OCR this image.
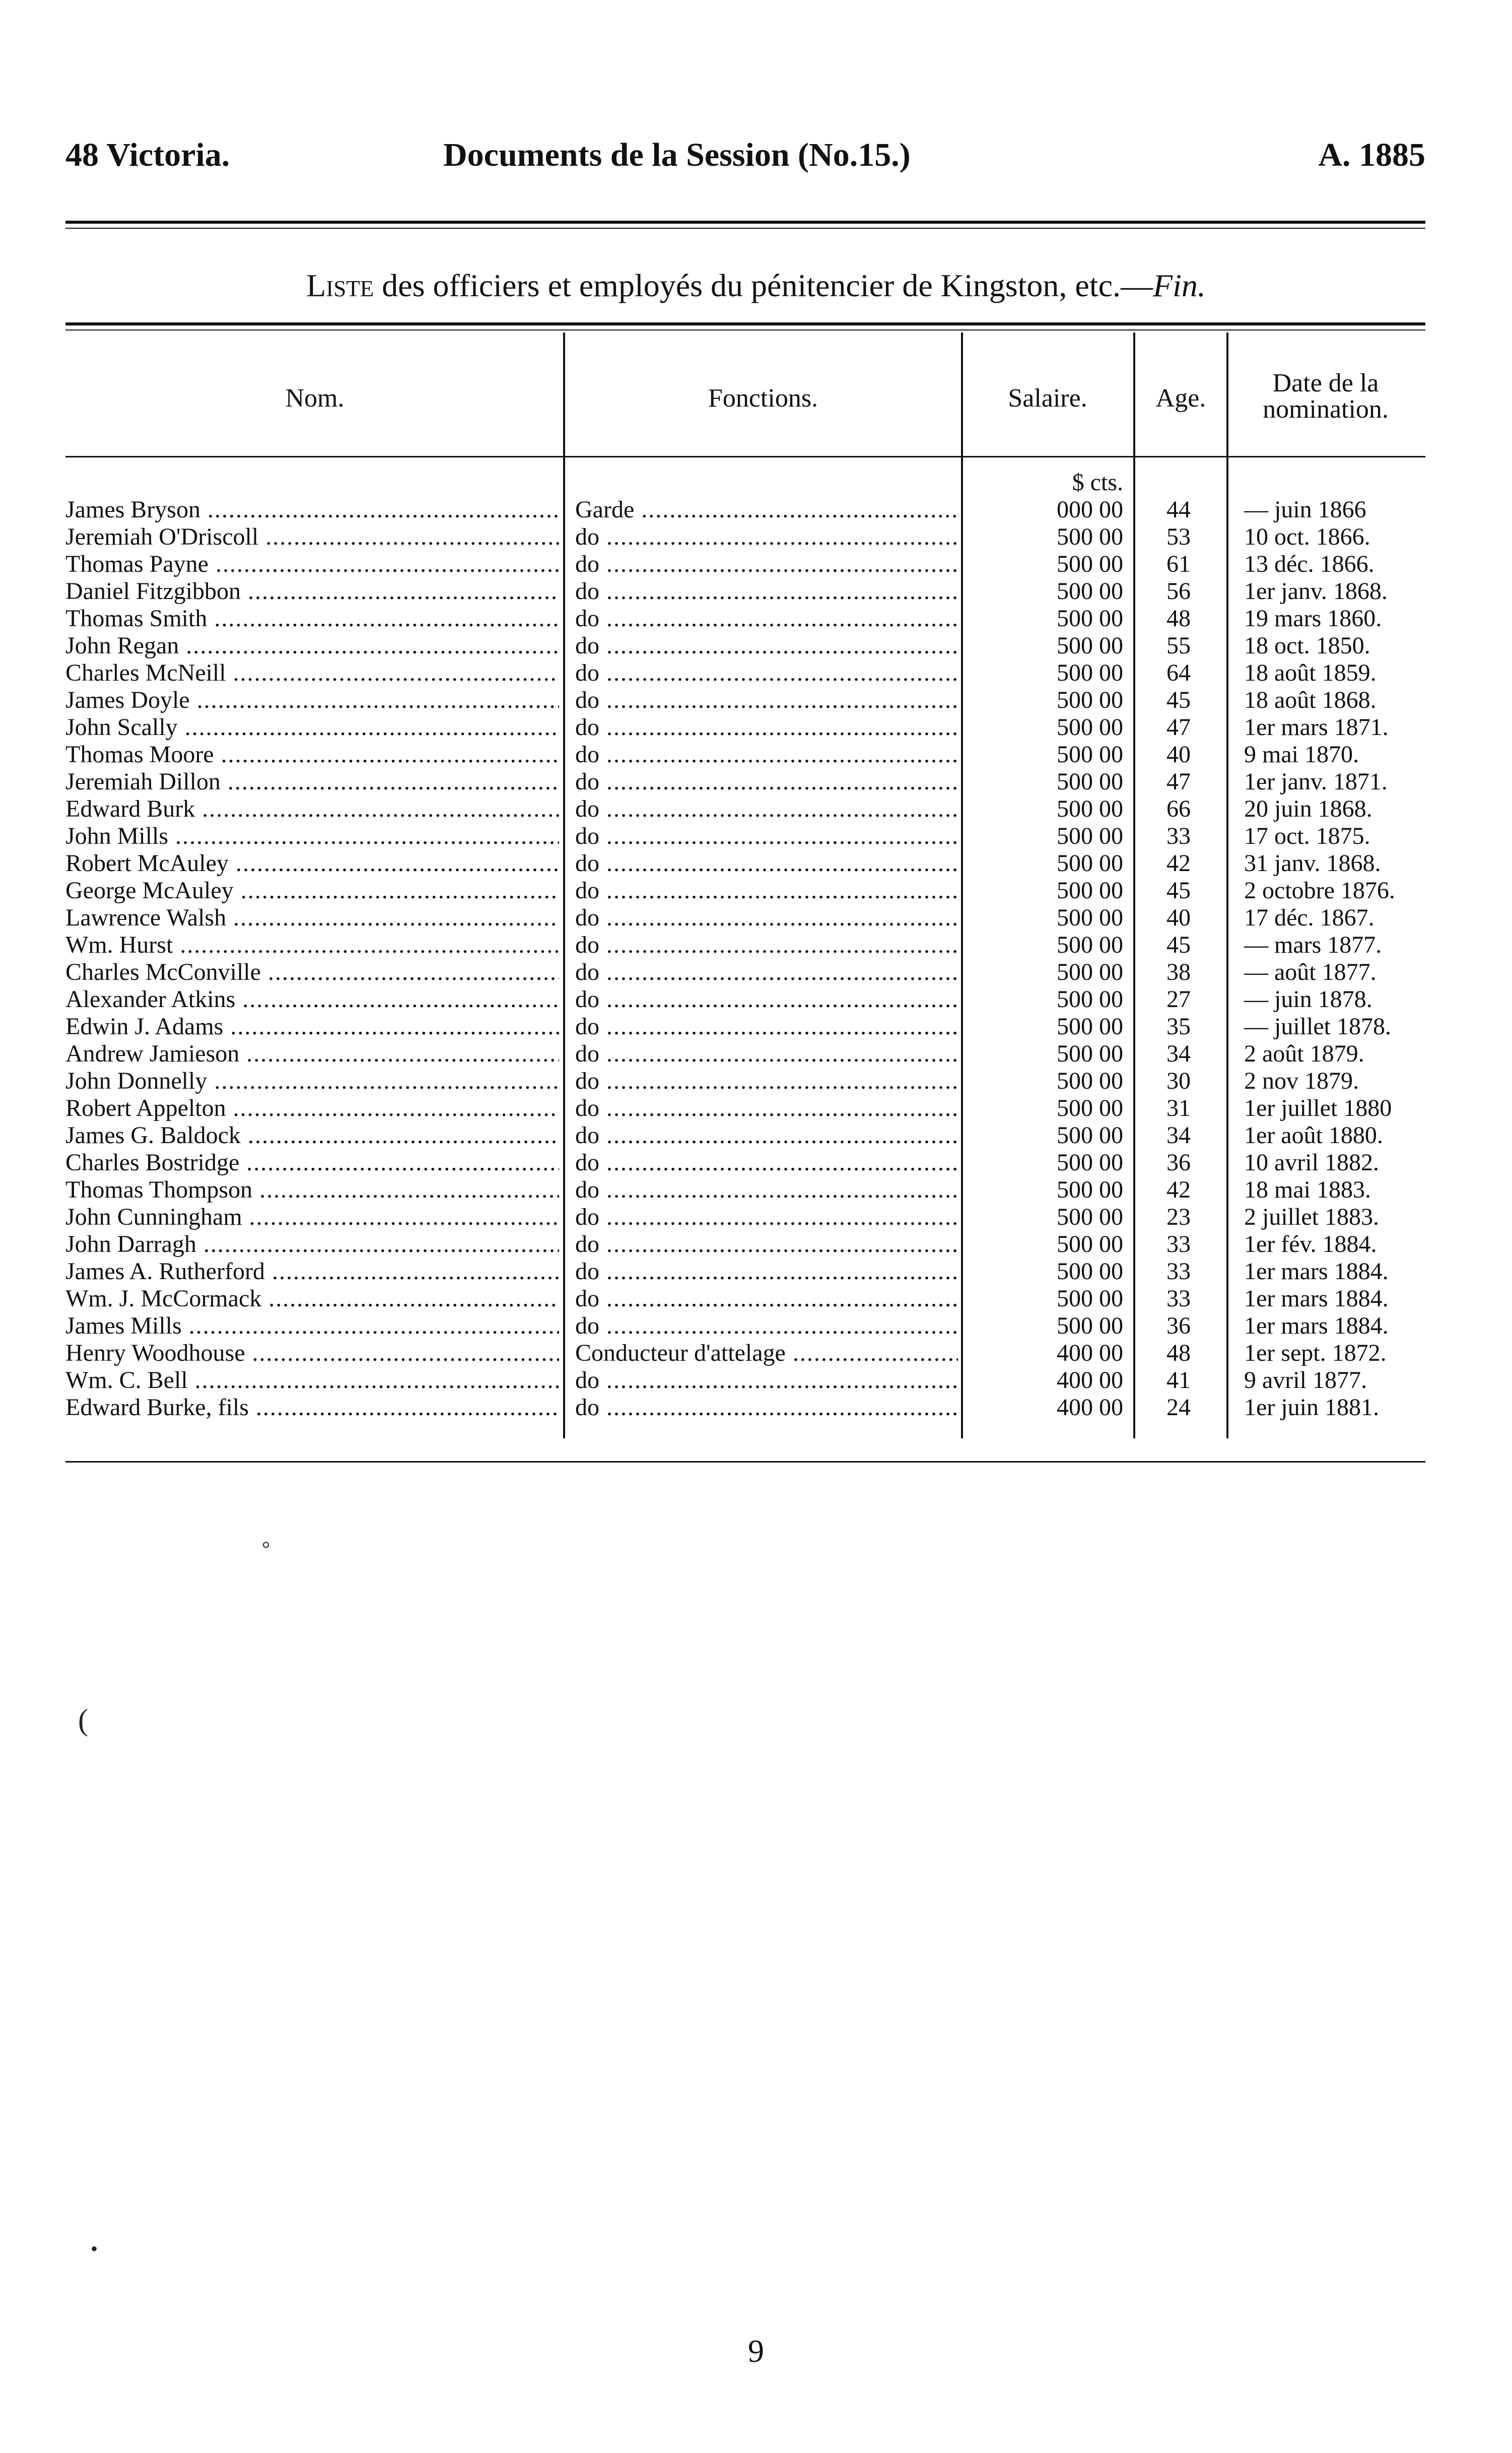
48 Victoria.	Documents de la Session (No.15.)	A. 1885
Liste des officiers et employés du pénitencier de Kingston, etc.—Fin.
Nom.	Fonctions.	Salaire.	Age.
Date de la
nomination.
$ cts.
James Bryson .....	Garde .....	000 00	44	— juin 1866
Jeremiah O'Driscoll .....	do .....	500 00	53	10 oct. 1866.
Thomas Payne .....	do .....	500 00	61	13 déc. 1866.
Daniel Fitzgibbon .....	do .....	500 00	56	1er janv. 1868.
Thomas Smith .....	do .....	500 00	48	19 mars 1860.
John Regan .....	do .....	500 00	55	18 oct. 1850.
Charles McNeill .....	do .....	500 00	64	18 août 1859.
James Doyle .....	do .....	500 00	45	18 août 1868.
John Scally .....	do .....	500 00	47	1er mars 1871.
Thomas Moore .....	do .....	500 00	40	9 mai 1870.
Jeremiah Dillon .....	do .....	500 00	47	1er janv. 1871.
Edward Burk .....	do .....	500 00	66	20 juin 1868.
John Mills .....	do .....	500 00	33	17 oct. 1875.
Robert McAuley .....	do .....	500 00	42	31 janv. 1868.
George McAuley .....	do .....	500 00	45	2 octobre 1876.
Lawrence Walsh .....	do .....	500 00	40	17 déc. 1867.
Wm. Hurst .....	do .....	500 00	45	— mars 1877.
Charles McConville .....	do .....	500 00	38	— août 1877.
Alexander Atkins .....	do .....	500 00	27	— juin 1878.
Edwin J. Adams .....	do .....	500 00	35	— juillet 1878.
Andrew Jamieson .....	do .....	500 00	34	2 août 1879.
John Donnelly .....	do .....	500 00	30	2 nov 1879.
Robert Appelton .....	do .....	500 00	31	1er juillet 1880
James G. Baldock .....	do .....	500 00	34	1er août 1880.
Charles Bostridge .....	do .....	500 00	36	10 avril 1882.
Thomas Thompson .....	do .....	500 00	42	18 mai 1883.
John Cunningham .....	do .....	500 00	23	2 juillet 1883.
John Darragh .....	do .....	500 00	33	1er fév. 1884.
James A. Rutherford .....	do .....	500 00	33	1er mars 1884.
Wm. J. McCormack .....	do .....	500 00	33	1er mars 1884.
James Mills .....	do .....	500 00	36	1er mars 1884.
Henry Woodhouse .....	Conducteur d'attelage .....	400 00	48	1er sept. 1872.
Wm. C. Bell .....	do .....	400 00	41	9 avril 1877.
Edward Burke, fils .....	do .....	400 00	24	1er juin 1881.
9
°
(
•
